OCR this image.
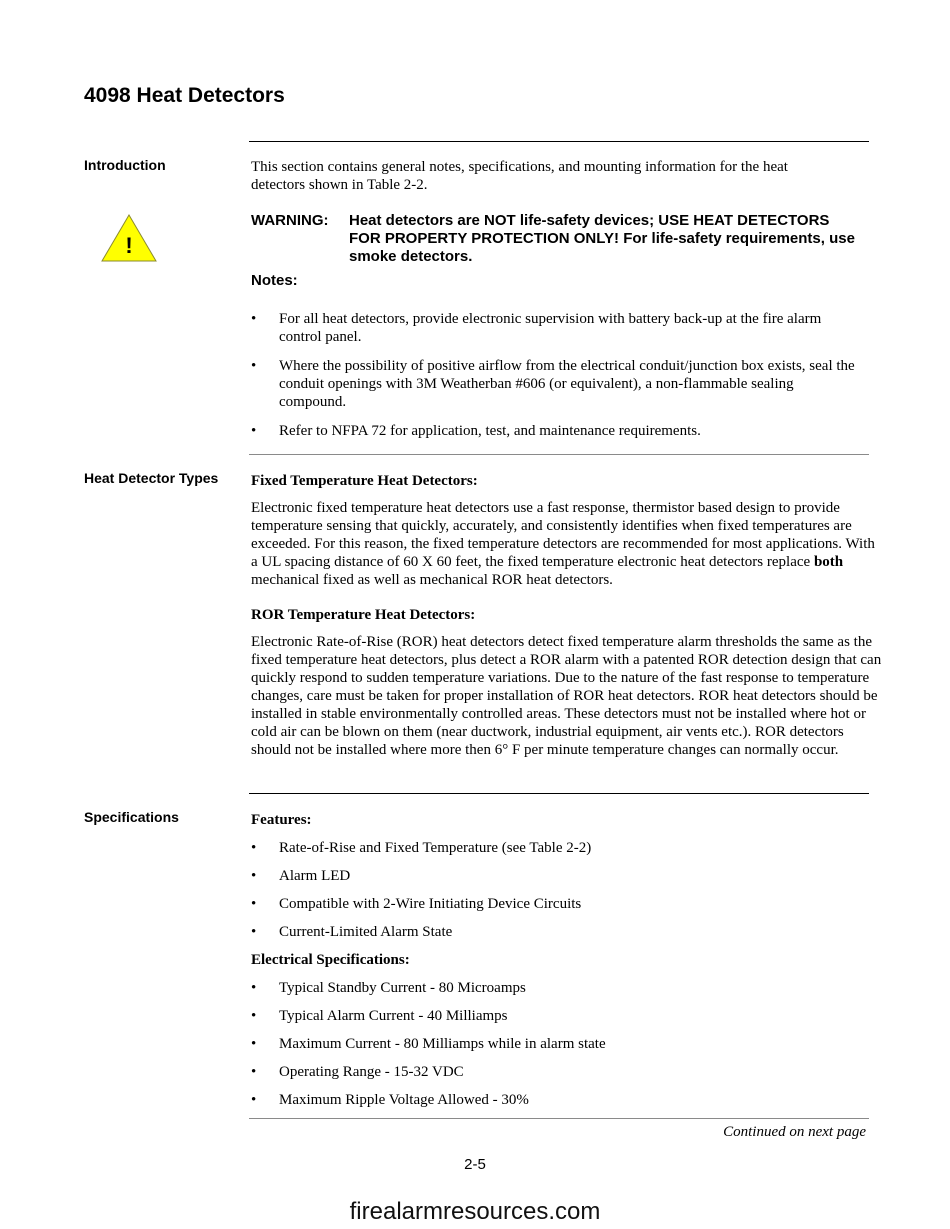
4098 Heat Detectors
Introduction	This section contains general notes, specifications, and mounting information for the heat detectors shown in Table 2-2.
!
WARNING: Heat detectors are NOT life-safety devices; USE HEAT DETECTORS FOR PROPERTY PROTECTION ONLY! For life-safety requirements, use smoke detectors.
Notes:
• For all heat detectors, provide electronic supervision with battery back-up at the fire alarm control panel.
• Where the possibility of positive airflow from the electrical conduit/junction box exists, seal the conduit openings with 3M Weatherban #606 (or equivalent), a non-flammable sealing compound.
• Refer to NFPA 72 for application, test, and maintenance requirements.
Heat Detector Types Fixed Temperature Heat Detectors:
Electronic fixed temperature heat detectors use a fast response, thermistor based design to provide temperature sensing that quickly, accurately, and consistently identifies when fixed temperatures are exceeded. For this reason, the fixed temperature detectors are recommended for most applications. With a UL spacing distance of 60 X 60 feet, the fixed temperature electronic heat detectors replace both mechanical fixed as well as mechanical ROR heat detectors.
ROR Temperature Heat Detectors:
Electronic Rate-of-Rise (ROR) heat detectors detect fixed temperature alarm thresholds the same as the fixed temperature heat detectors, plus detect a ROR alarm with a patented ROR detection design that can quickly respond to sudden temperature variations. Due to the nature of the fast response to temperature changes, care must be taken for proper installation of ROR heat detectors. ROR heat detectors should be installed in stable environmentally controlled areas. These detectors must not be installed where hot or cold air can be blown on them (near ductwork, industrial equipment, air vents etc.). ROR detectors should not be installed where more then 6° F per minute temperature changes can normally occur.
Specifications	Features:
• Rate-of-Rise and Fixed Temperature (see Table 2-2)
• Alarm LED
• Compatible with 2-Wire Initiating Device Circuits
• Current-Limited Alarm State
Electrical Specifications:
• Typical Standby Current - 80 Microamps
• Typical Alarm Current - 40 Milliamps
• Maximum Current - 80 Milliamps while in alarm state
• Operating Range - 15-32 VDC
• Maximum Ripple Voltage Allowed - 30%
Continued on next page
2-5
firealarmresources.com
